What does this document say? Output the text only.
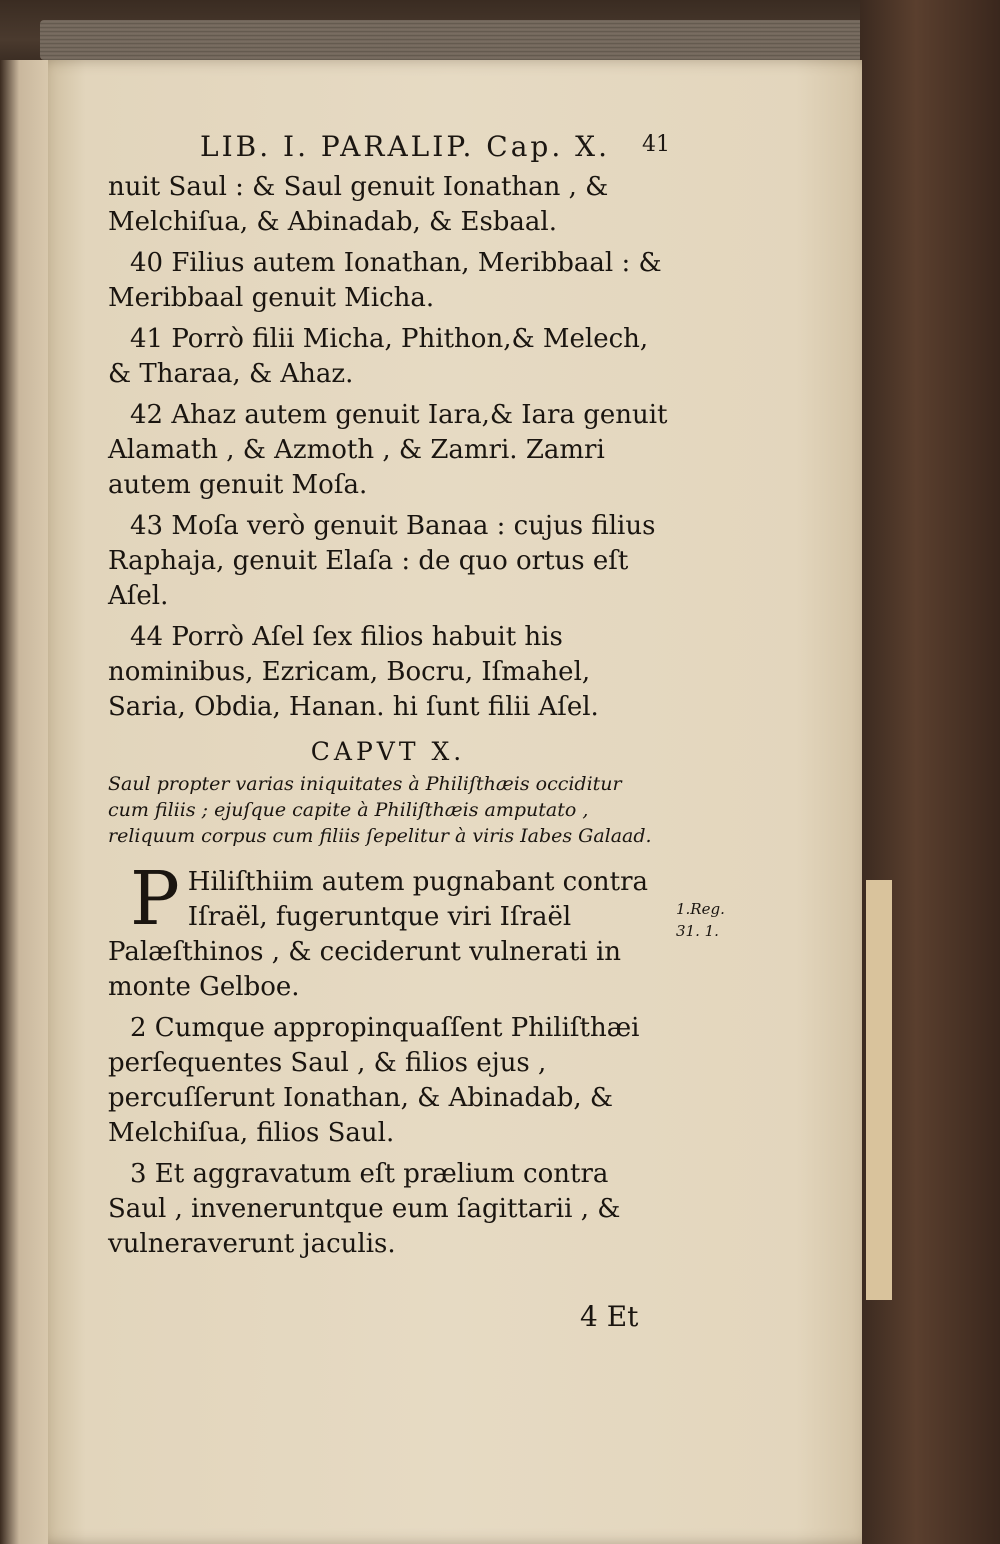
LIB. I. PARALIP. Cap. X. 41

nuit Saul : & Saul genuit Ionathan , & Melchiſua, & Abinadab, & Esbaal.

40 Filius autem Ionathan, Meribbaal : & Meribbaal genuit Micha.

41 Porrò filii Micha, Phithon,& Melech, & Tharaa, & Ahaz.

42 Ahaz autem genuit Iara,& Iara genuit Alamath , & Azmoth , & Zamri. Zamri autem genuit Moſa.

43 Moſa verò genuit Banaa : cujus filius Raphaja, genuit Elaſa : de quo ortus eſt Aſel.

44 Porrò Aſel ſex filios habuit his nominibus, Ezricam, Bocru, Iſmahel, Saria, Obdia, Hanan. hi ſunt filii Aſel.

CAPVT X.

Saul propter varias iniquitates à Philiſthæis occiditur cum filiis ; ejuſque capite à Philiſthæis amputato , reliquum corpus cum filiis ſepelitur à viris Iabes Galaad.

P Hiliſthiim autem pugnabant contra Iſraël, fugeruntque viri Iſraël Palæſthinos , & ceciderunt vulnerati in monte Gelboe.

2 Cumque appropinquaſſent Philiſthæi perſequentes Saul , & filios ejus , percuſſerunt Ionathan, & Abinadab, & Melchiſua, filios Saul.

3 Et aggravatum eſt prælium contra Saul , inveneruntque eum ſagittarii , & vulneraverunt jaculis.

1.Reg.
31. 1.
4 Et
